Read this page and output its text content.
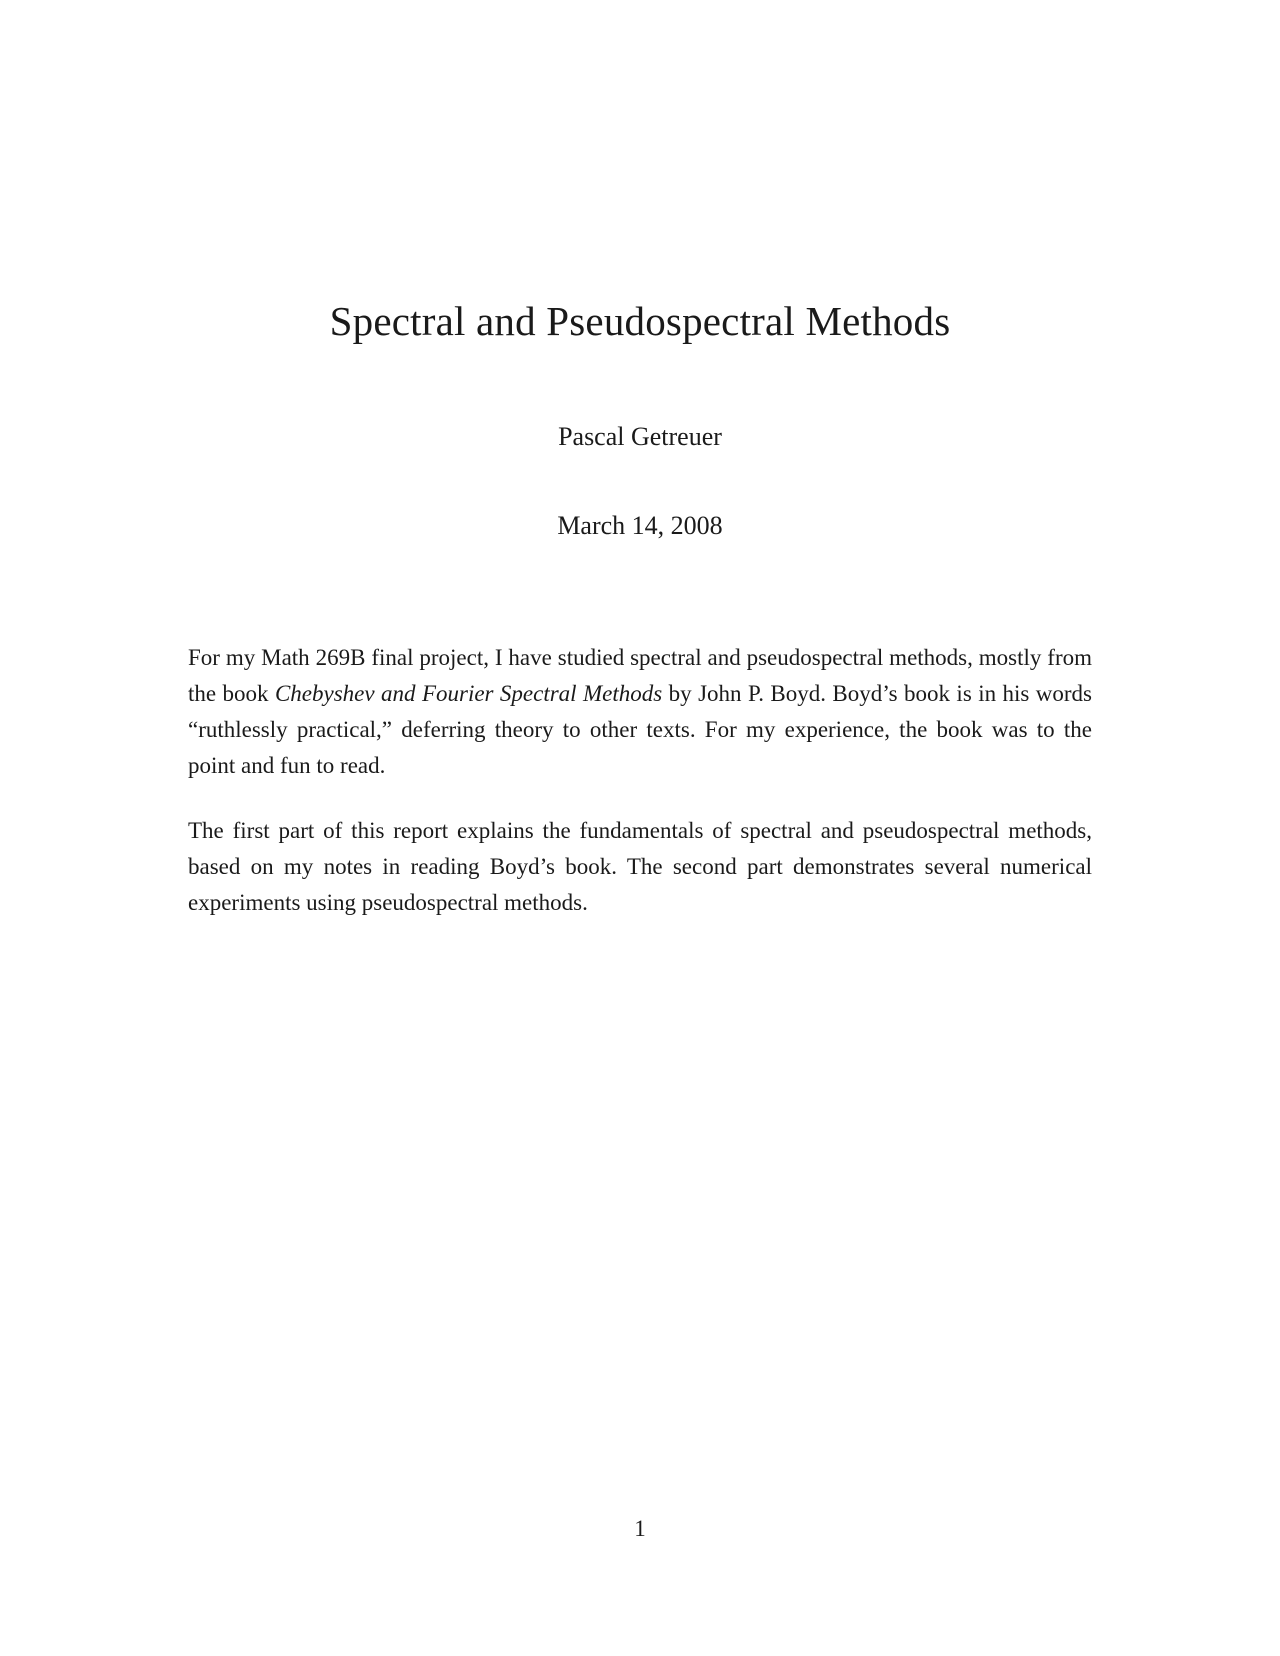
Spectral and Pseudospectral Methods
Pascal Getreuer
March 14, 2008

For my Math 269B final project, I have studied spectral and pseudospectral methods, mostly from the book Chebyshev and Fourier Spectral Methods by John P. Boyd. Boyd’s book is in his words “ruthlessly practical,” deferring theory to other texts. For my experience, the book was to the point and fun to read.

The first part of this report explains the fundamentals of spectral and pseudospectral methods, based on my notes in reading Boyd’s book. The second part demonstrates several numerical experiments using pseudospectral methods.

1
